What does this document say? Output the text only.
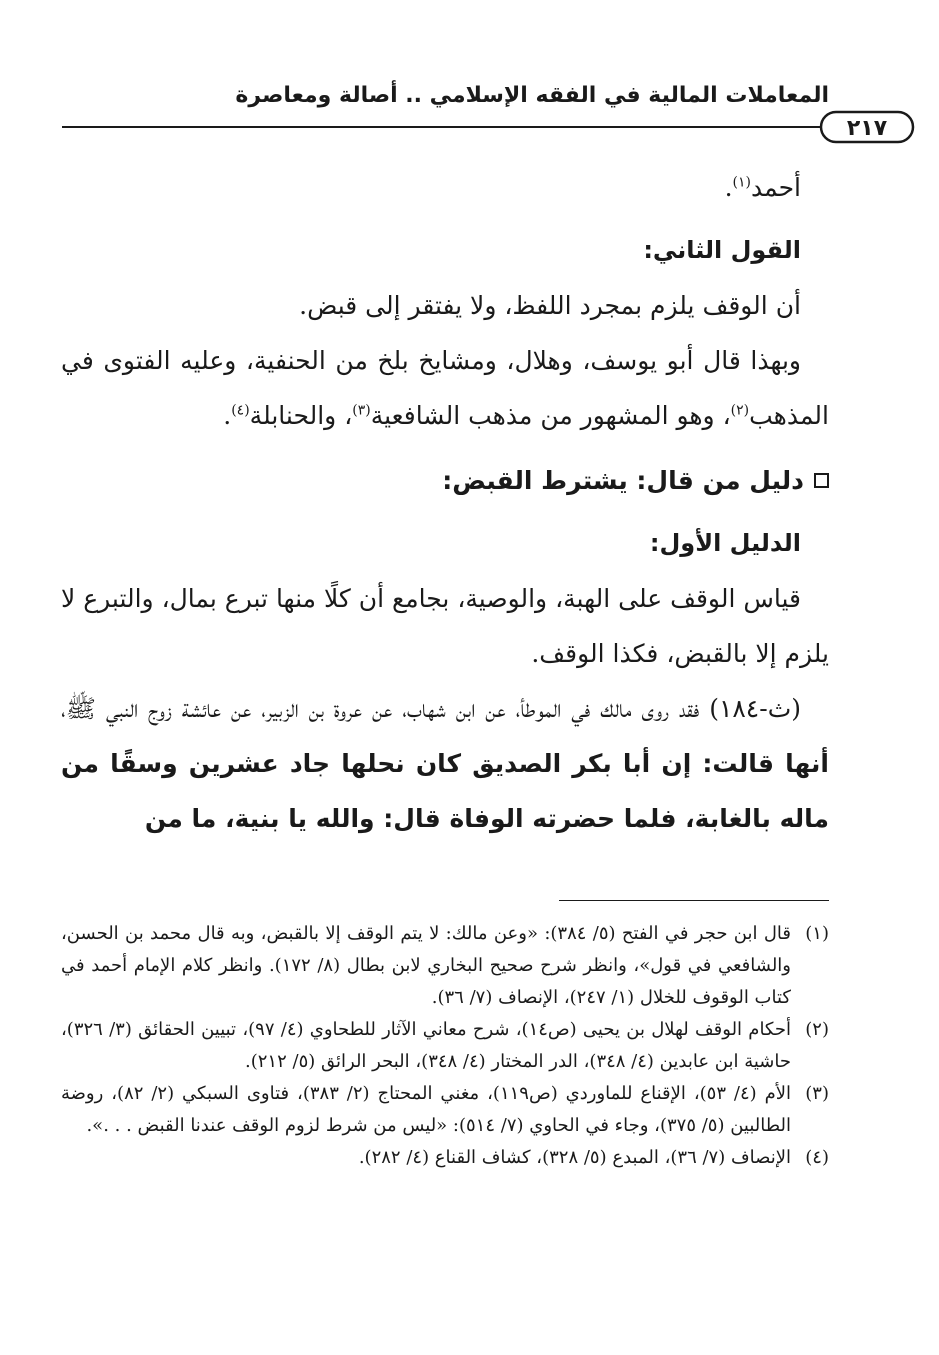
المعاملات المالية في الفقه الإسلامي .. أصالة ومعاصرة
٢١٧

أحمد$^{(١)}$.

القول الثاني:

أن الوقف يلزم بمجرد اللفظ، ولا يفتقر إلى قبض.

وبهذا قال أبو يوسف، وهلال، ومشايخ بلخ من الحنفية، وعليه الفتوى في المذهب$^{(٢)}$، وهو المشهور من مذهب الشافعية$^{(٣)}$، والحنابلة$^{(٤)}$.

دليل من قال: يشترط القبض:

الدليل الأول:

قياس الوقف على الهبة، والوصية، بجامع أن كلًا منها تبرع بمال، والتبرع لا يلزم إلا بالقبض، فكذا الوقف.

(ث-١٨٤) فقد روى مالك في الموطأ، عن ابن شهاب، عن عروة بن الزبير، عن عائشة زوج النبي ﷺ، أنها قالت: إن أبا بكر الصديق كان نحلها جاد عشرين وسقًا من ماله بالغابة، فلما حضرته الوفاة قال: والله يا بنية، ما من

(١)
قال ابن حجر في الفتح (٥/ ٣٨٤): «وعن مالك: لا يتم الوقف إلا بالقبض، وبه قال محمد بن الحسن، والشافعي في قول»، وانظر شرح صحيح البخاري لابن بطال (٨/ ١٧٢). وانظر كلام الإمام أحمد في كتاب الوقوف للخلال (١/ ٢٤٧)، الإنصاف (٧/ ٣٦).
(٢)
أحكام الوقف لهلال بن يحيى (ص١٤)، شرح معاني الآثار للطحاوي (٤/ ٩٧)، تبيين الحقائق (٣/ ٣٢٦)، حاشية ابن عابدين (٤/ ٣٤٨)، الدر المختار (٤/ ٣٤٨)، البحر الرائق (٥/ ٢١٢).
(٣)
الأم (٤/ ٥٣)، الإقناع للماوردي (ص١١٩)، مغني المحتاج (٢/ ٣٨٣)، فتاوى السبكي (٢/ ٨٢)، روضة الطالبين (٥/ ٣٧٥)، وجاء في الحاوي (٧/ ٥١٤): «ليس من شرط لزوم الوقف عندنا القبض . . .».
(٤)
الإنصاف (٧/ ٣٦)، المبدع (٥/ ٣٢٨)، كشاف القناع (٤/ ٢٨٢).
